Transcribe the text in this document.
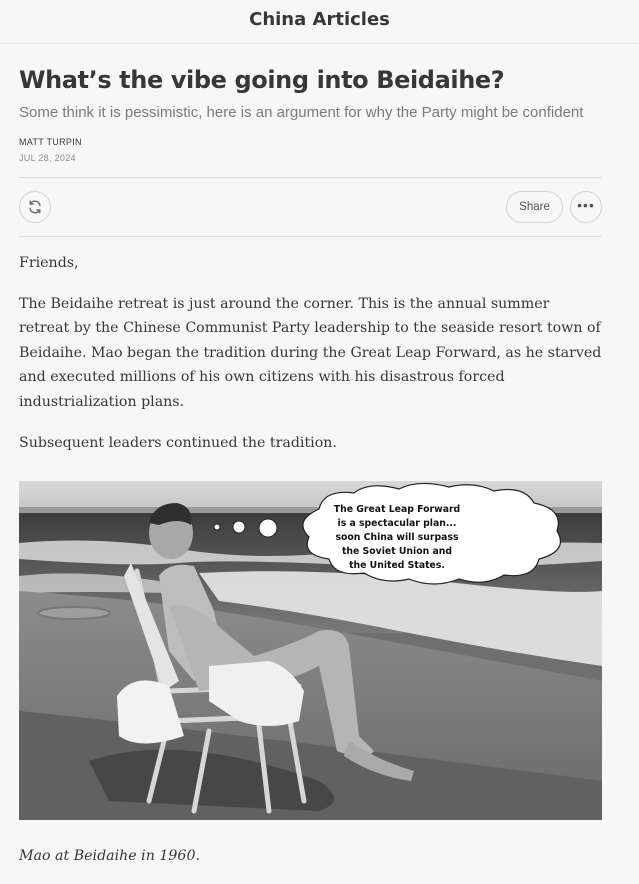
China Articles
What’s the vibe going into Beidaihe?
Some think it is pessimistic, here is an argument for why the Party might be confident
MATT TURPIN
JUL 28, 2024
Share	•••

Friends,

The Beidaihe retreat is just around the corner. This is the annual summer retreat by the Chinese Communist Party leadership to the seaside resort town of Beidaihe. Mao began the tradition during the Great Leap Forward, as he starved and executed millions of his own citizens with his disastrous forced industrialization plans.

Subsequent leaders continued the tradition.

The Great Leap Forward is a spectacular plan... soon China will surpass the Soviet Union and the United States.
Mao at Beidaihe in 1960.
